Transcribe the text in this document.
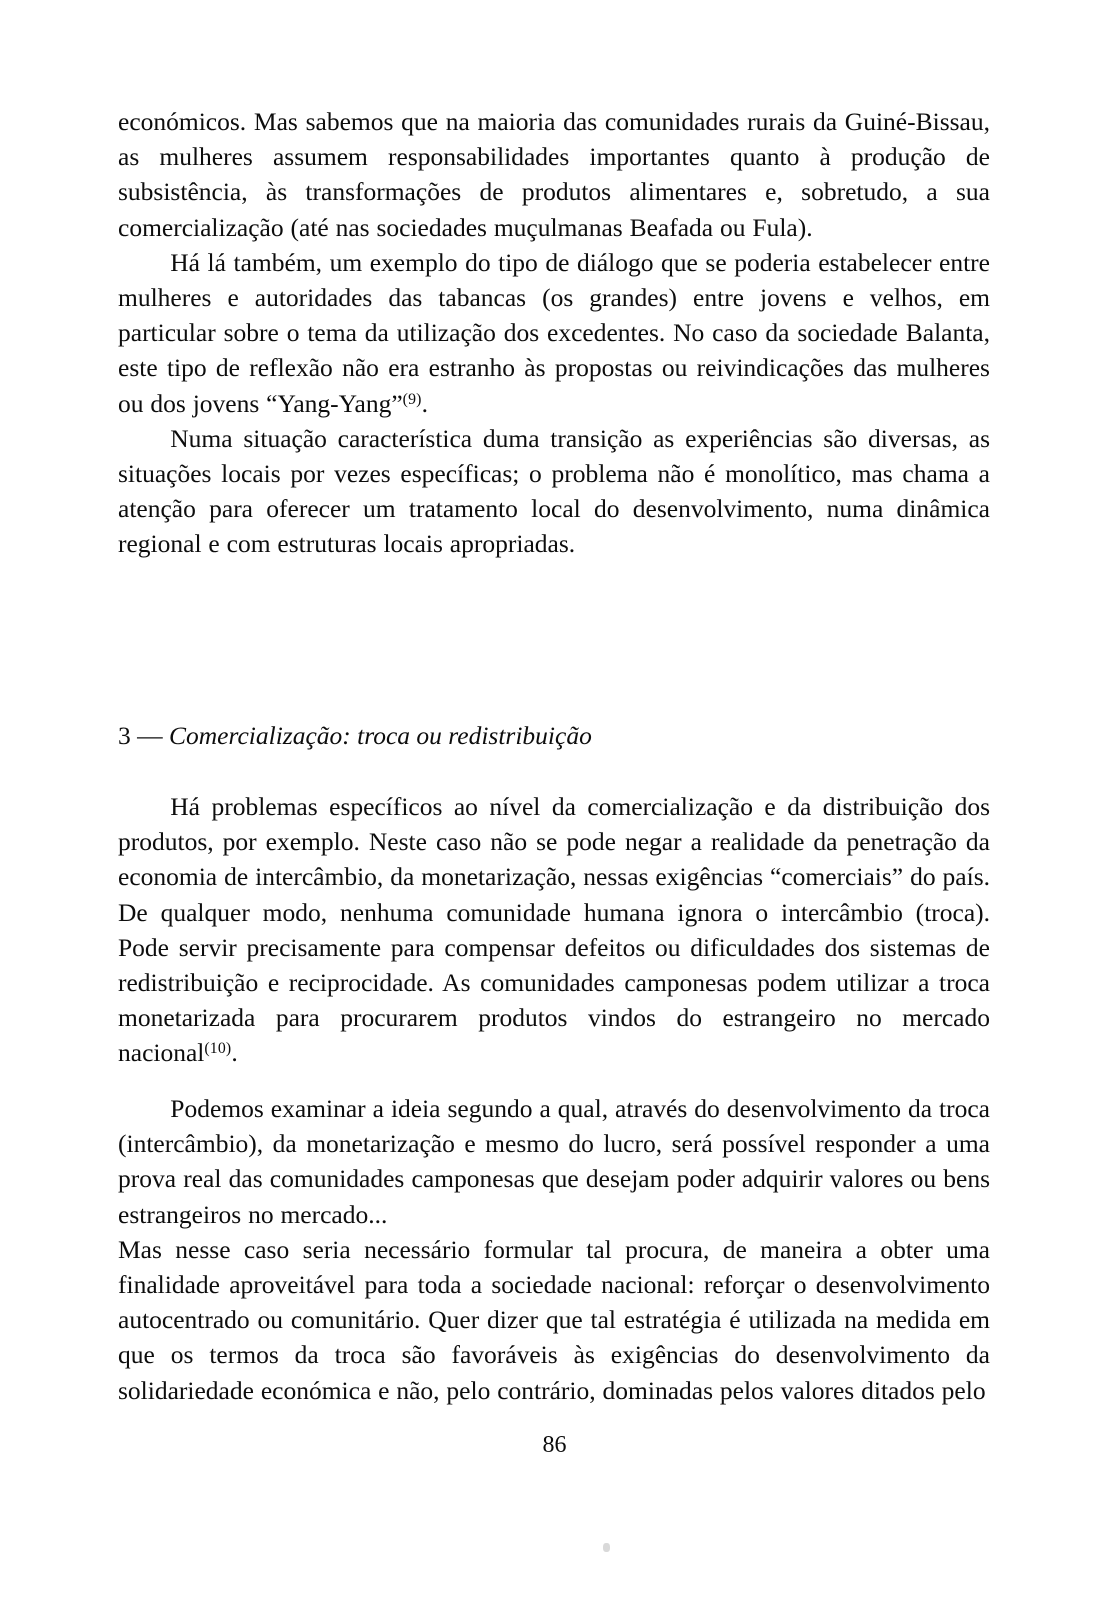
económicos. Mas sabemos que na maioria das comunidades rurais da Guiné-Bissau, as mulheres assumem responsabilidades importantes quanto à produção de subsistência, às transformações de produtos alimentares e, sobretudo, a sua comercialização (até nas sociedades muçulmanas Beafada ou Fula).

Há lá também, um exemplo do tipo de diálogo que se poderia estabelecer entre mulheres e autoridades das tabancas (os grandes) entre jovens e velhos, em particular sobre o tema da utilização dos excedentes. No caso da sociedade Balanta, este tipo de reflexão não era estranho às propostas ou reivindicações das mulheres ou dos jovens “Yang-Yang”$^{(9)}$.

Numa situação característica duma transição as experiências são diversas, as situações locais por vezes específicas; o problema não é monolítico, mas chama a atenção para oferecer um tratamento local do desenvolvimento, numa dinâmica regional e com estruturas locais apropriadas.

3 — Comercialização: troca ou redistribuição

Há problemas específicos ao nível da comercialização e da distribuição dos produtos, por exemplo. Neste caso não se pode negar a realidade da penetração da economia de intercâmbio, da monetarização, nessas exigências “comerciais” do país. De qualquer modo, nenhuma comunidade humana ignora o intercâmbio (troca). Pode servir precisamente para compensar defeitos ou dificuldades dos sistemas de redistribuição e reciprocidade. As comunidades camponesas podem utilizar a troca monetarizada para procurarem produtos vindos do estrangeiro no mercado nacional$^{(10)}$.

Podemos examinar a ideia segundo a qual, através do desenvolvimento da troca (intercâmbio), da monetarização e mesmo do lucro, será possível responder a uma prova real das comunidades camponesas que desejam poder adquirir valores ou bens estrangeiros no mercado...

Mas nesse caso seria necessário formular tal procura, de maneira a obter uma finalidade aproveitável para toda a sociedade nacional: reforçar o desenvolvimento autocentrado ou comunitário. Quer dizer que tal estratégia é utilizada na medida em que os termos da troca são favoráveis às exigências do desenvolvimento da solidariedade económica e não, pelo contrário, dominadas pelos valores ditados pelo

86
